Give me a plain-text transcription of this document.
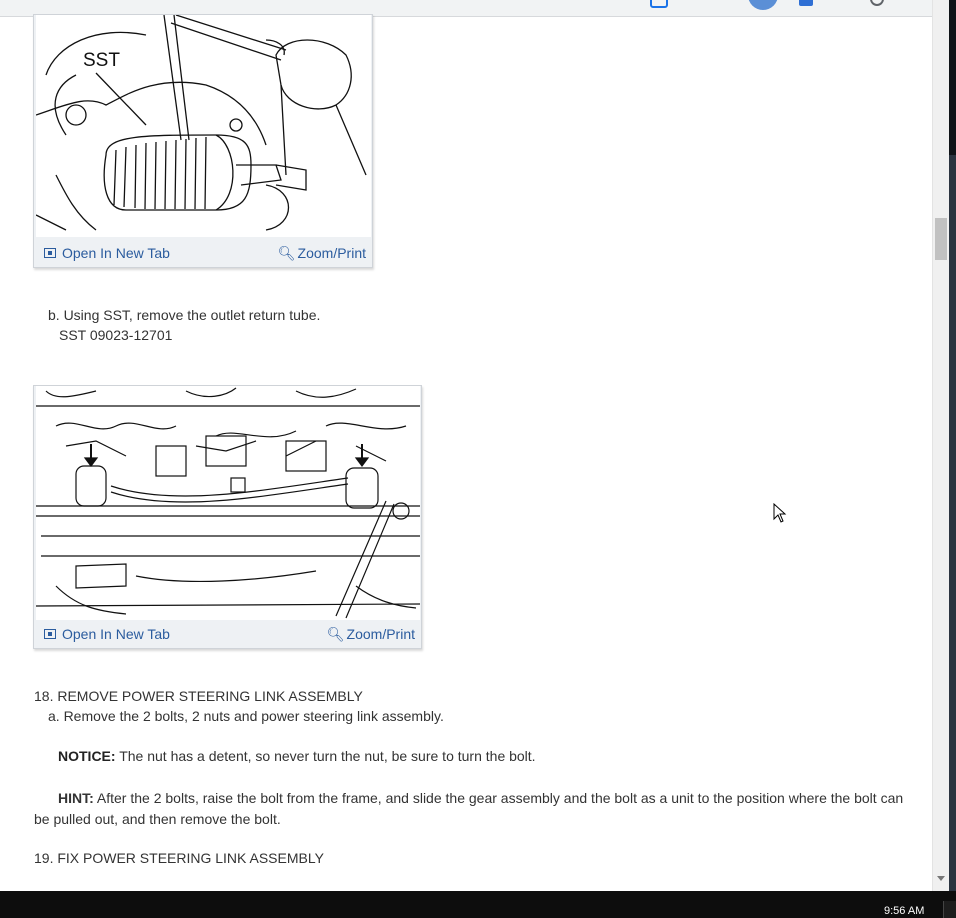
SST
Open In New Tab	🔍︎ Zoom/Print
b. Using SST, remove the outlet return tube.
SST 09023-12701
Open In New Tab	🔍︎ Zoom/Print
18. REMOVE POWER STEERING LINK ASSEMBLY
a. Remove the 2 bolts, 2 nuts and power steering link assembly.
NOTICE: The nut has a detent, so never turn the nut, be sure to turn the bolt.
HINT: After the 2 bolts, raise the bolt from the frame, and slide the gear assembly and the bolt as a unit to the position where the bolt can be pulled out, and then remove the bolt.
19. FIX POWER STEERING LINK ASSEMBLY
9:56 AM
